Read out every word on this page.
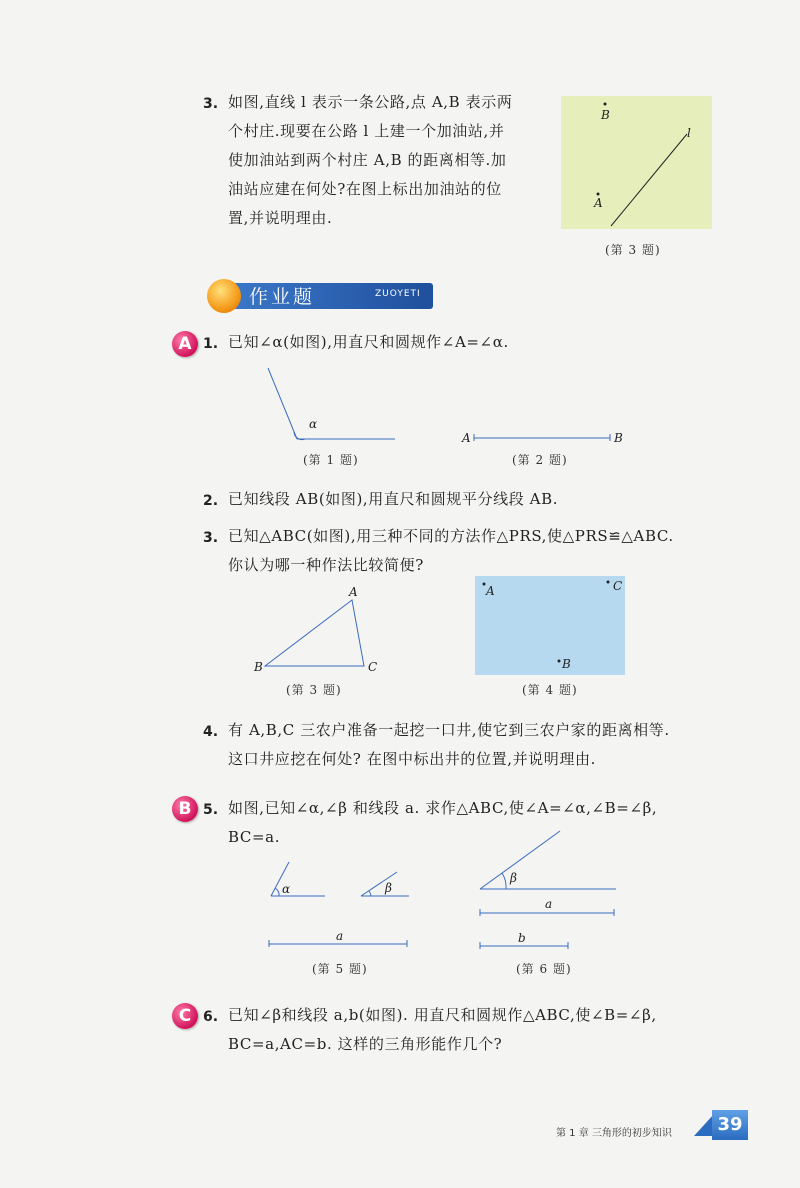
3. 如图,直线 l 表示一条公路,点 A,B 表示两
个村庄.现要在公路 l 上建一个加油站,并
使加油站到两个村庄 A,B 的距离相等.加
油站应建在何处?在图上标出加油站的位
置,并说明理由.
B
A
l
(第 3 题)
作业题	ZUOYETI
A 1. 已知∠α(如图),用直尺和圆规作∠A=∠α.
α
(第 1 题)
A	B
(第 2 题)
2. 已知线段 AB(如图),用直尺和圆规平分线段 AB.
3. 已知△ABC(如图),用三种不同的方法作△PRS,使△PRS≌△ABC.
你认为哪一种作法比较简便?
A
B	C
(第 3 题)
A	C
B
(第 4 题)
4. 有 A,B,C 三农户准备一起挖一口井,使它到三农户家的距离相等.
这口井应挖在何处? 在图中标出井的位置,并说明理由.
B 5. 如图,已知∠α,∠β 和线段 a. 求作△ABC,使∠A=∠α,∠B=∠β,
BC=a.
α	β
a
(第 5 题)
β
a
b
(第 6 题)
C 6. 已知∠β和线段 a,b(如图). 用直尺和圆规作△ABC,使∠B=∠β,
BC=a,AC=b. 这样的三角形能作几个?
第 1 章 三角形的初步知识	39
